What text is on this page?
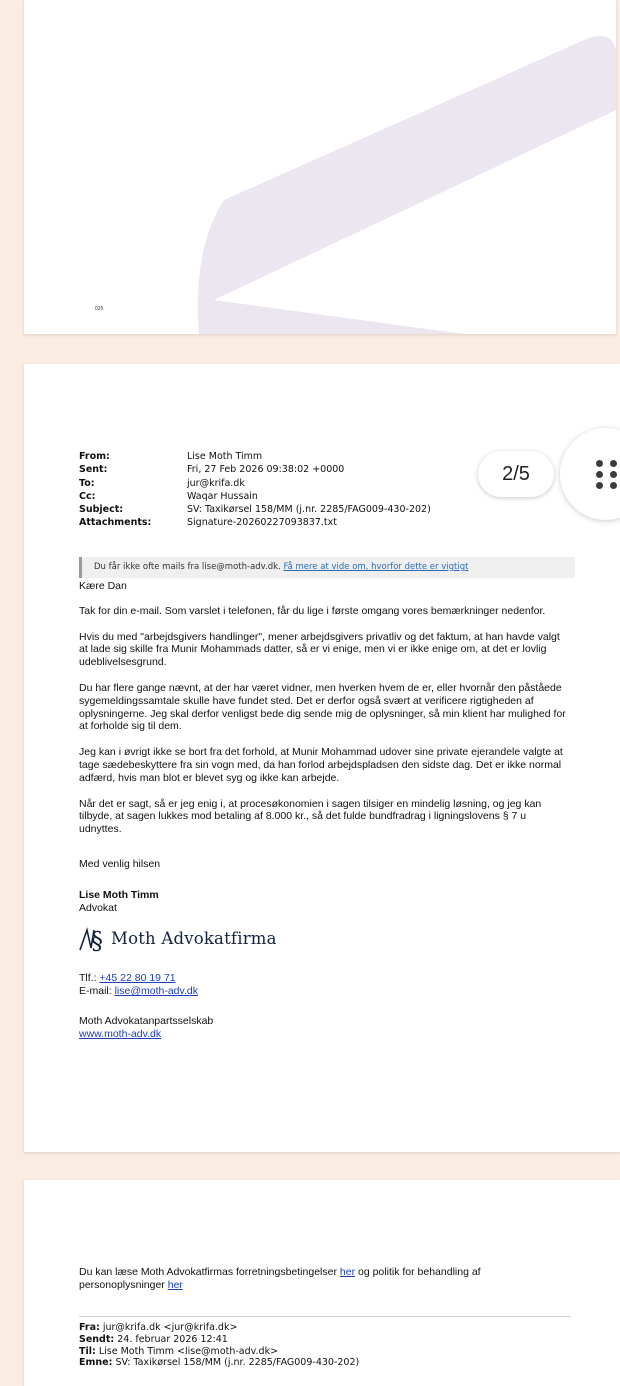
025
From:	Lise Moth Timm
Sent:	Fri, 27 Feb 2026 09:38:02 +0000
To:	jur@krifa.dk
Cc:	Waqar Hussain
Subject:	SV: Taxikørsel 158/MM (j.nr. 2285/FAG009-430-202)
Attachments:	Signature-20260227093837.txt
Du får ikke ofte mails fra lise@moth-adv.dk. Få mere at vide om, hvorfor dette er vigtigt

Kære Dan

Tak for din e-mail. Som varslet i telefonen, får du lige i første omgang vores bemærkninger nedenfor.

Hvis du med "arbejdsgivers handlinger", mener arbejdsgivers privatliv og det faktum, at han havde valgt at lade sig skille fra Munir Mohammads datter, så er vi enige, men vi er ikke enige om, at det er lovlig udeblivelsesgrund.

Du har flere gange nævnt, at der har været vidner, men hverken hvem de er, eller hvornår den påståede sygemeldingssamtale skulle have fundet sted. Det er derfor også svært at verificere rigtigheden af oplysningerne. Jeg skal derfor venligst bede dig sende mig de oplysninger, så min klient har mulighed for at forholde sig til dem.

Jeg kan i øvrigt ikke se bort fra det forhold, at Munir Mohammad udover sine private ejerandele valgte at tage sædebeskyttere fra sin vogn med, da han forlod arbejdspladsen den sidste dag. Det er ikke normal adfærd, hvis man blot er blevet syg og ikke kan arbejde.

Når det er sagt, så er jeg enig i, at procesøkonomien i sagen tilsiger en mindelig løsning, og jeg kan tilbyde, at sagen lukkes mod betaling af 8.000 kr., så det fulde bundfradrag i ligningslovens § 7 u udnyttes.

Med venlig hilsen

Lise Moth Timm
Advokat
§ Moth Advokatfirma
Tlf.: +45 22 80 19 71
E-mail: lise@moth-adv.dk
Moth Advokatanpartsselskab
www.moth-adv.dk
Du kan læse Moth Advokatfirmas forretningsbetingelser her og politik for behandling af personoplysninger her
Fra: jur@krifa.dk <jur@krifa.dk>
Sendt: 24. februar 2026 12:41
Til: Lise Moth Timm <lise@moth-adv.dk>
Emne: SV: Taxikørsel 158/MM (j.nr. 2285/FAG009-430-202)
2/5
